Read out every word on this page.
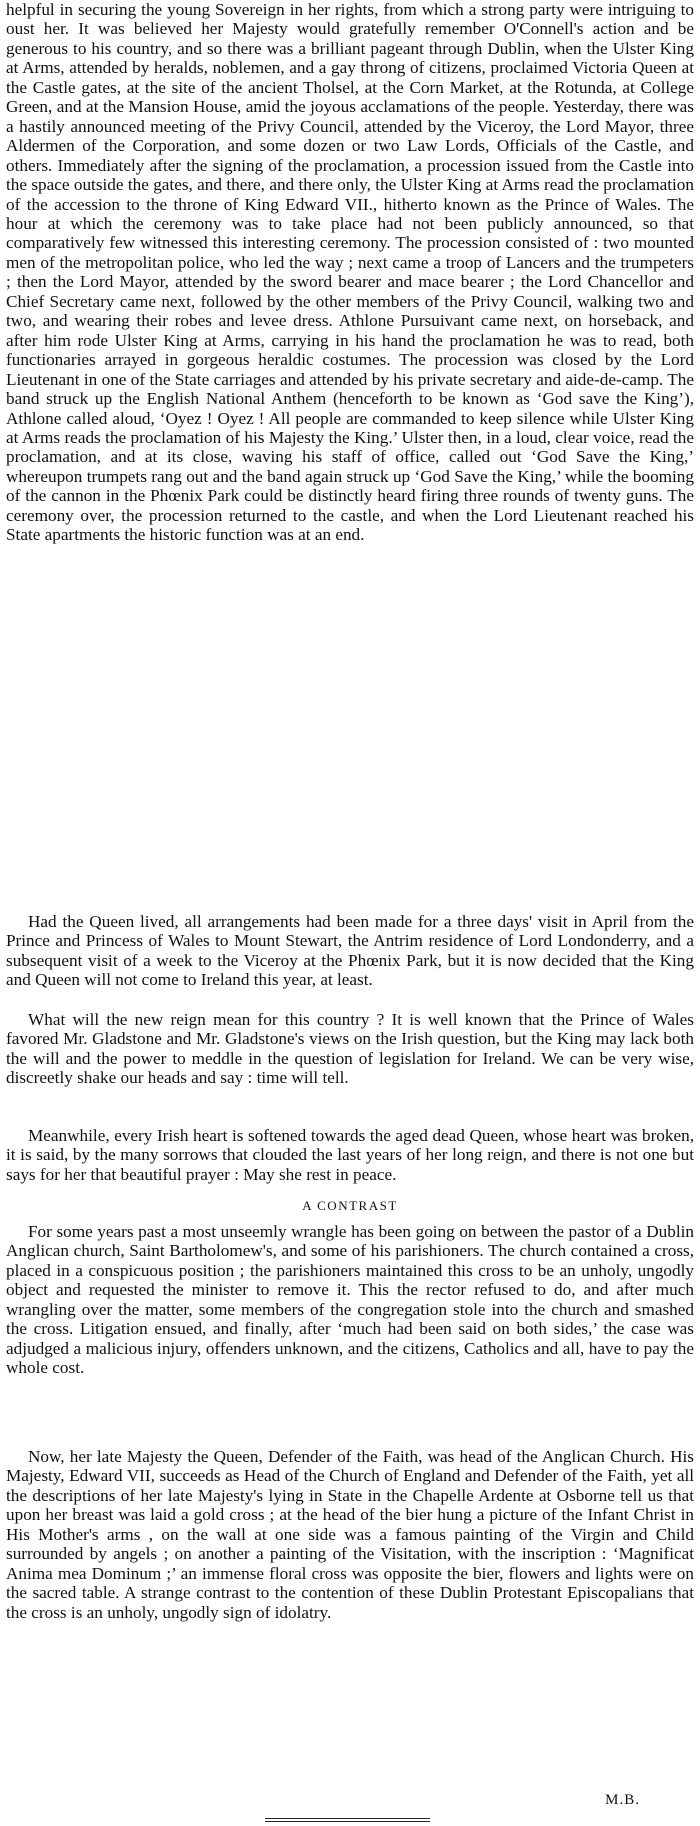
helpful in securing the young Sovereign in her rights, from which a strong party were intriguing to oust her. It was believed her Majesty would gratefully remember O'Connell's action and be generous to his country, and so there was a brilliant pageant through Dublin, when the Ulster King at Arms, attended by heralds, noblemen, and a gay throng of citizens, proclaimed Victoria Queen at the Castle gates, at the site of the ancient Tholsel, at the Corn Market, at the Rotunda, at College Green, and at the Mansion House, amid the joyous acclamations of the people. Yesterday, there was a hastily announced meeting of the Privy Council, attended by the Viceroy, the Lord Mayor, three Aldermen of the Corporation, and some dozen or two Law Lords, Officials of the Castle, and others. Immediately after the signing of the proclamation, a procession issued from the Castle into the space outside the gates, and there, and there only, the Ulster King at Arms read the proclamation of the accession to the throne of King Edward VII., hitherto known as the Prince of Wales. The hour at which the ceremony was to take place had not been publicly announced, so that comparatively few witnessed this interesting ceremony. The procession consisted of : two mounted men of the metropolitan police, who led the way ; next came a troop of Lancers and the trumpeters ; then the Lord Mayor, attended by the sword bearer and mace bearer ; the Lord Chancellor and Chief Secretary came next, followed by the other members of the Privy Council, walking two and two, and wearing their robes and levee dress. Athlone Pursuivant came next, on horseback, and after him rode Ulster King at Arms, carrying in his hand the proclamation he was to read, both functionaries arrayed in gorgeous heraldic costumes. The procession was closed by the Lord Lieutenant in one of the State carriages and attended by his private secretary and aide-de-camp. The band struck up the English National Anthem (henceforth to be known as ‘God save the King’), Athlone called aloud, ‘Oyez ! Oyez ! All people are commanded to keep silence while Ulster King at Arms reads the proclamation of his Majesty the King.’ Ulster then, in a loud, clear voice, read the proclamation, and at its close, waving his staff of office, called out ‘God Save the King,’ whereupon trumpets rang out and the band again struck up ‘God Save the King,’ while the booming of the cannon in the Phœnix Park could be distinctly heard firing three rounds of twenty guns. The ceremony over, the procession returned to the castle, and when the Lord Lieutenant reached his State apartments the historic function was at an end.

Had the Queen lived, all arrangements had been made for a three days' visit in April from the Prince and Princess of Wales to Mount Stewart, the Antrim residence of Lord Londonderry, and a subsequent visit of a week to the Viceroy at the Phœnix Park, but it is now decided that the King and Queen will not come to Ireland this year, at least.

What will the new reign mean for this country ? It is well known that the Prince of Wales favored Mr. Gladstone and Mr. Gladstone's views on the Irish question, but the King may lack both the will and the power to meddle in the question of legislation for Ireland. We can be very wise, discreetly shake our heads and say : time will tell.

Meanwhile, every Irish heart is softened towards the aged dead Queen, whose heart was broken, it is said, by the many sorrows that clouded the last years of her long reign, and there is not one but says for her that beautiful prayer : May she rest in peace.

A CONTRAST

For some years past a most unseemly wrangle has been going on between the pastor of a Dublin Anglican church, Saint Bartholomew's, and some of his parishioners. The church contained a cross, placed in a conspicuous position ; the parishioners maintained this cross to be an unholy, ungodly object and requested the minister to remove it. This the rector refused to do, and after much wrangling over the matter, some members of the congregation stole into the church and smashed the cross. Litigation ensued, and finally, after ‘much had been said on both sides,’ the case was adjudged a malicious injury, offenders unknown, and the citizens, Catholics and all, have to pay the whole cost.

Now, her late Majesty the Queen, Defender of the Faith, was head of the Anglican Church. His Majesty, Edward VII, succeeds as Head of the Church of England and Defender of the Faith, yet all the descriptions of her late Majesty's lying in State in the Chapelle Ardente at Osborne tell us that upon her breast was laid a gold cross ; at the head of the bier hung a picture of the Infant Christ in His Mother's arms , on the wall at one side was a famous painting of the Virgin and Child surrounded by angels ; on another a painting of the Visitation, with the inscription : ‘Magnificat Anima mea Dominum ;’ an immense floral cross was opposite the bier, flowers and lights were on the sacred table. A strange contrast to the contention of these Dublin Protestant Episcopalians that the cross is an unholy, ungodly sign of idolatry.

M.B.
